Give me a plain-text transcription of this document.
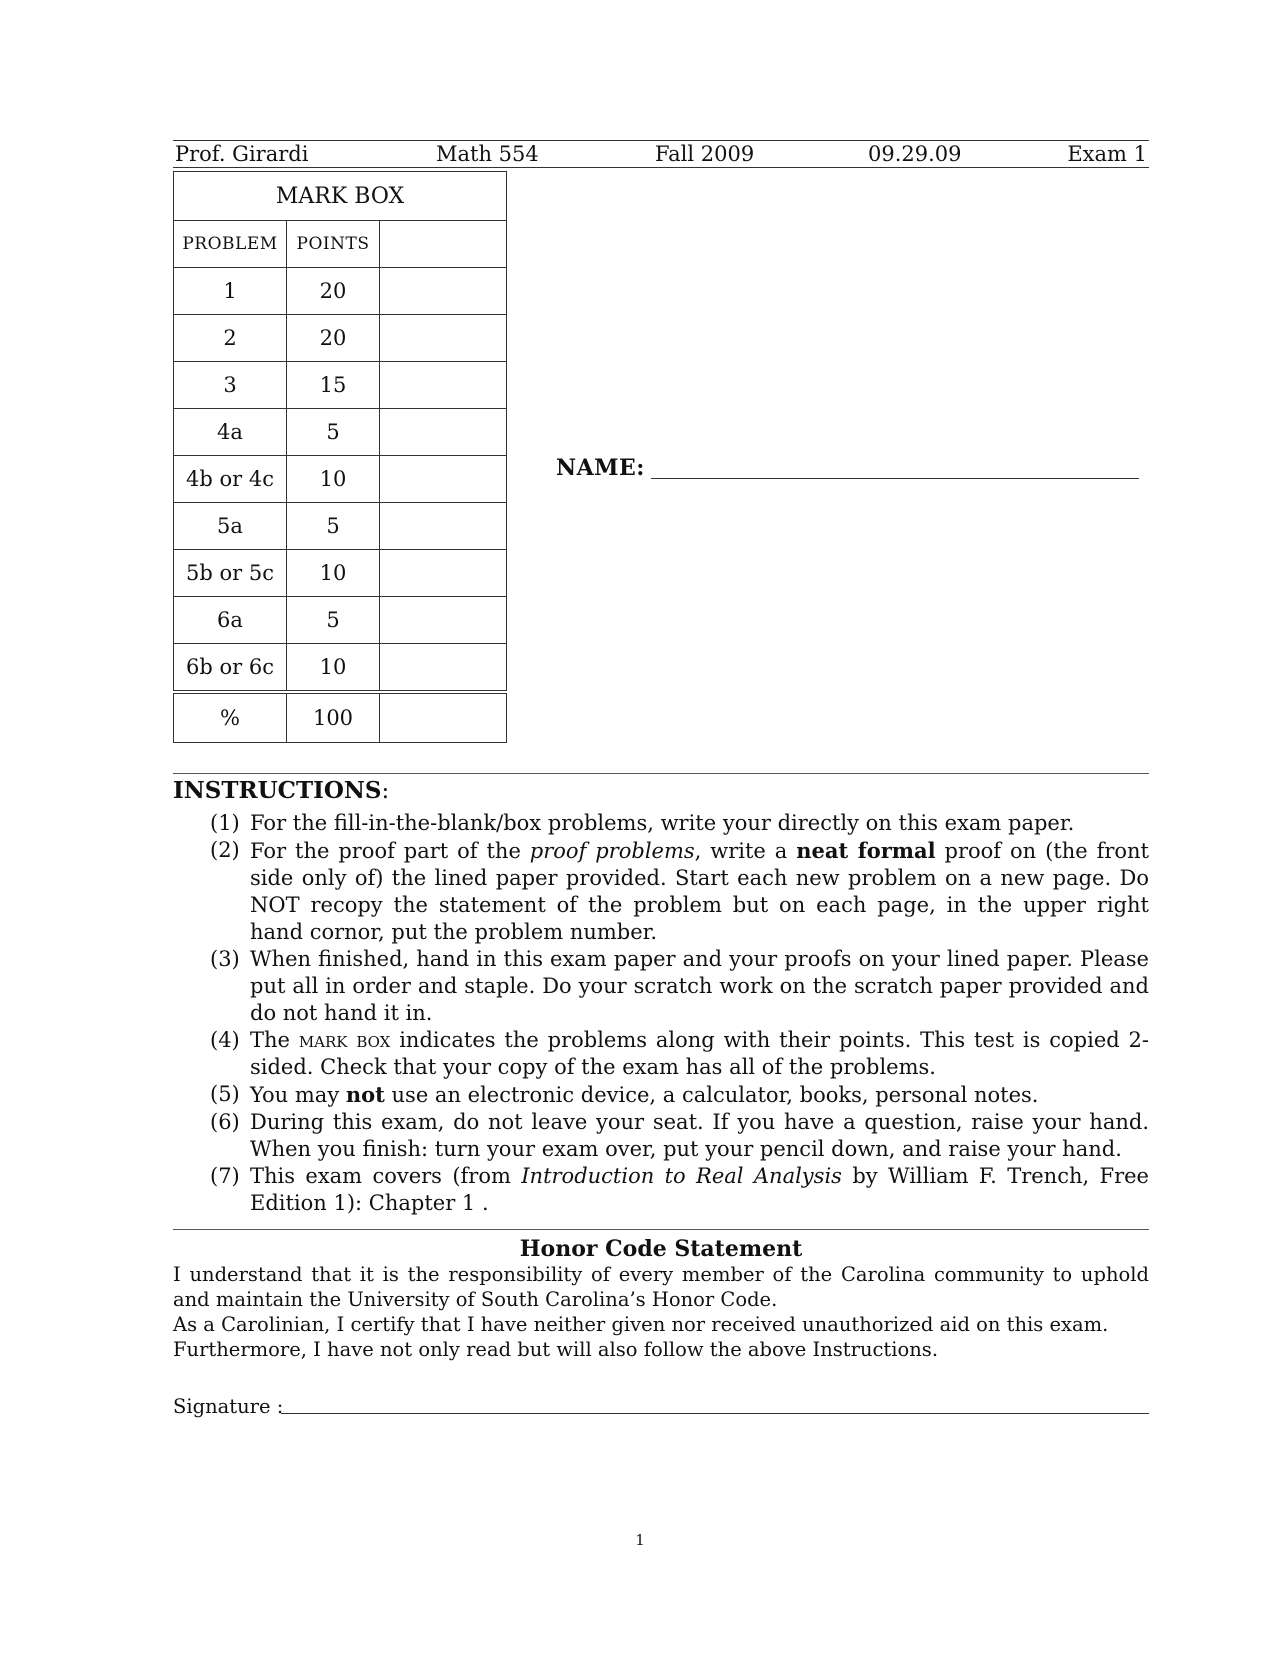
Prof. Girardi	Math 554	Fall 2009	09.29.09	Exam 1
MARK BOX
PROBLEM	POINTS	
1	20	
2	20	
3	15	
4a	5	
4b or 4c	10	
5a	5	
5b or 5c	10	
6a	5	
6b or 6c	10	
%	100	
NAME:
INSTRUCTIONS:
(1) For the fill-in-the-blank/box problems, write your directly on this exam paper.
(2) For the proof part of the proof problems, write a neat formal proof on (the front side only of) the lined paper provided. Start each new problem on a new page. Do NOT recopy the statement of the problem but on each page, in the upper right hand cornor, put the problem number.
(3) When finished, hand in this exam paper and your proofs on your lined paper. Please put all in order and staple. Do your scratch work on the scratch paper provided and do not hand it in.
(4) The mark box indicates the problems along with their points. This test is copied 2-sided. Check that your copy of the exam has all of the problems.
(5) You may not use an electronic device, a calculator, books, personal notes.
(6) During this exam, do not leave your seat. If you have a question, raise your hand. When you finish: turn your exam over, put your pencil down, and raise your hand.
(7) This exam covers (from Introduction to Real Analysis by William F. Trench, Free Edition 1): Chapter 1 .
Honor Code Statement

I understand that it is the responsibility of every member of the Carolina community to uphold and maintain the University of South Carolina’s Honor Code.

As a Carolinian, I certify that I have neither given nor received unauthorized aid on this exam.

Furthermore, I have not only read but will also follow the above Instructions.

Signature :
1
